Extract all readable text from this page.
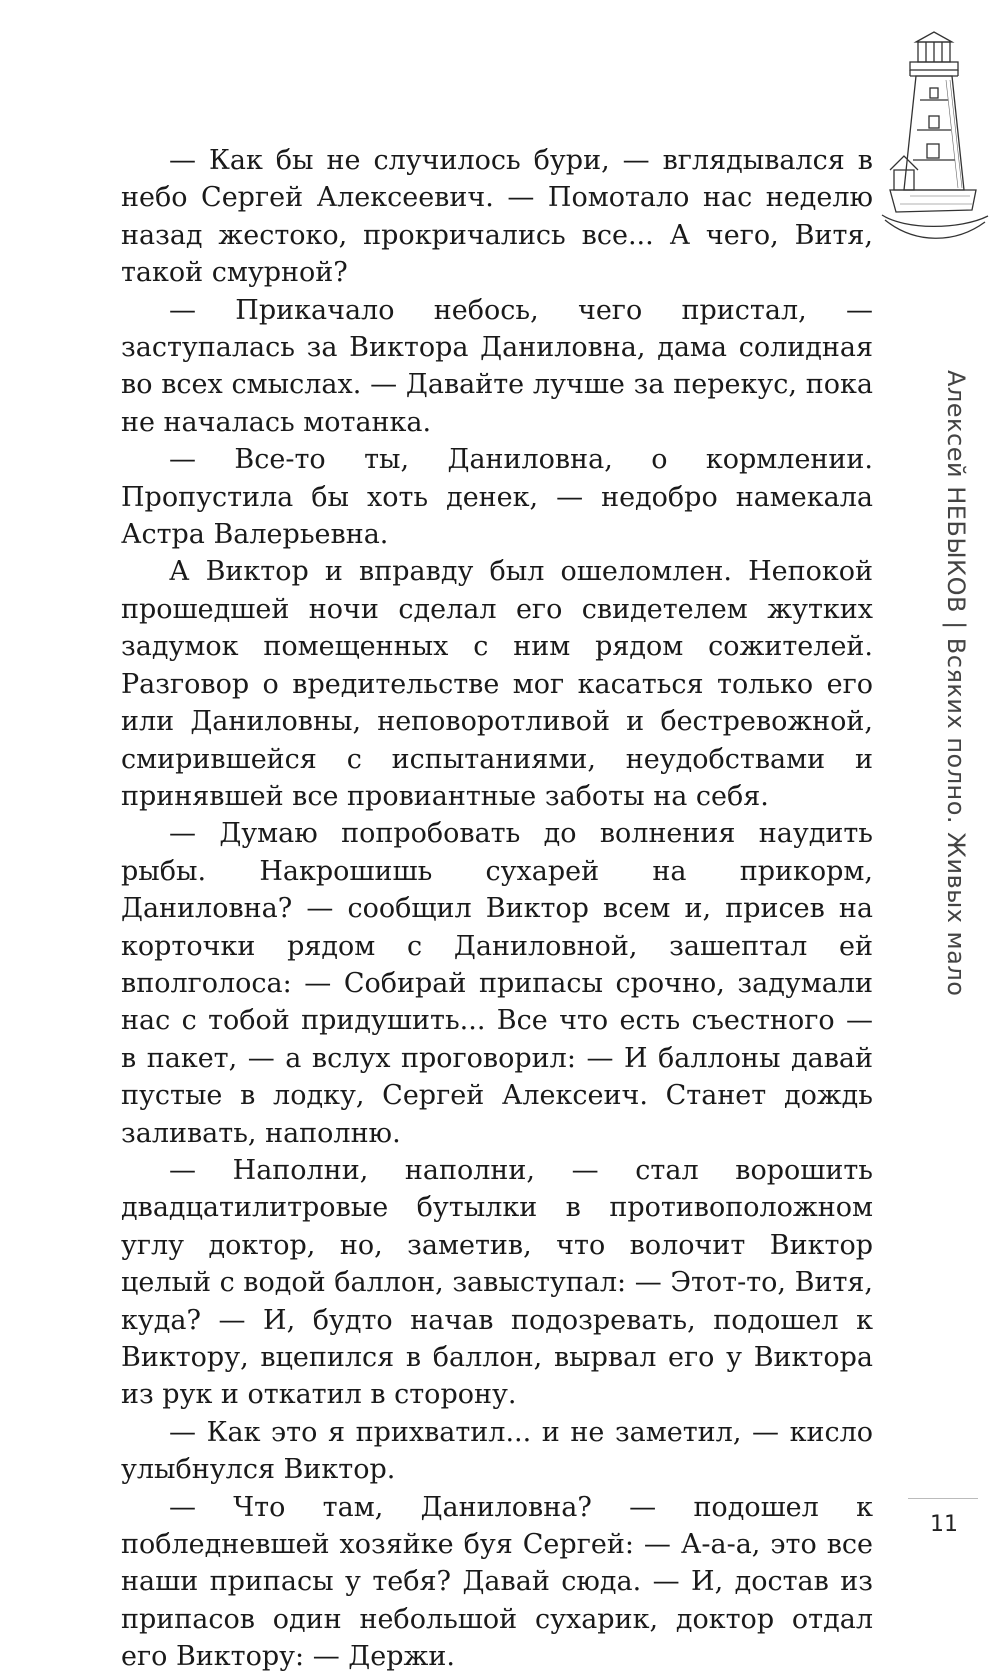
Алексей НЕБЫКОВ | Всяких полно. Живых мало

— Как бы не случилось бури, — вглядывался в небо Сергей Алексеевич. — Помотало нас неделю назад жестоко, прокричались все... А чего, Витя, такой смурной?

— Прикачало небось, чего пристал, — заступалась за Виктора Даниловна, дама солидная во всех смыслах. — Давайте лучше за перекус, пока не началась мотанка.

— Все-то ты, Даниловна, о кормлении. Пропустила бы хоть денек, — недобро намекала Астра Валерьевна.

А Виктор и вправду был ошеломлен. Непокой прошедшей ночи сделал его свидетелем жутких задумок помещенных с ним рядом сожителей. Разговор о вредительстве мог касаться только его или Даниловны, неповоротливой и бестревожной, смирившейся с испытаниями, неудобствами и принявшей все провиантные заботы на себя.

— Думаю попробовать до волнения наудить рыбы. Накрошишь сухарей на прикорм, Даниловна? — сообщил Виктор всем и, присев на корточки рядом с Даниловной, зашептал ей вполголоса: — Собирай припасы срочно, задумали нас с тобой придушить... Все что есть съестного — в пакет, — а вслух проговорил: — И баллоны давай пустые в лодку, Сергей Алексеич. Станет дождь заливать, наполню.

— Наполни, наполни, — стал ворошить двадцатилитровые бутылки в противоположном углу доктор, но, заметив, что волочит Виктор целый с водой баллон, завыступал: — Этот-то, Витя, куда? — И, будто начав подозревать, подошел к Виктору, вцепился в баллон, вырвал его у Виктора из рук и откатил в сторону.

— Как это я прихватил... и не заметил, — кисло улыбнулся Виктор.

— Что там, Даниловна? — подошел к побледневшей хозяйке буя Сергей: — А-а-а, это все наши припасы у тебя? Давай сюда. — И, достав из припасов один небольшой сухарик, доктор отдал его Виктору: — Держи.

11
